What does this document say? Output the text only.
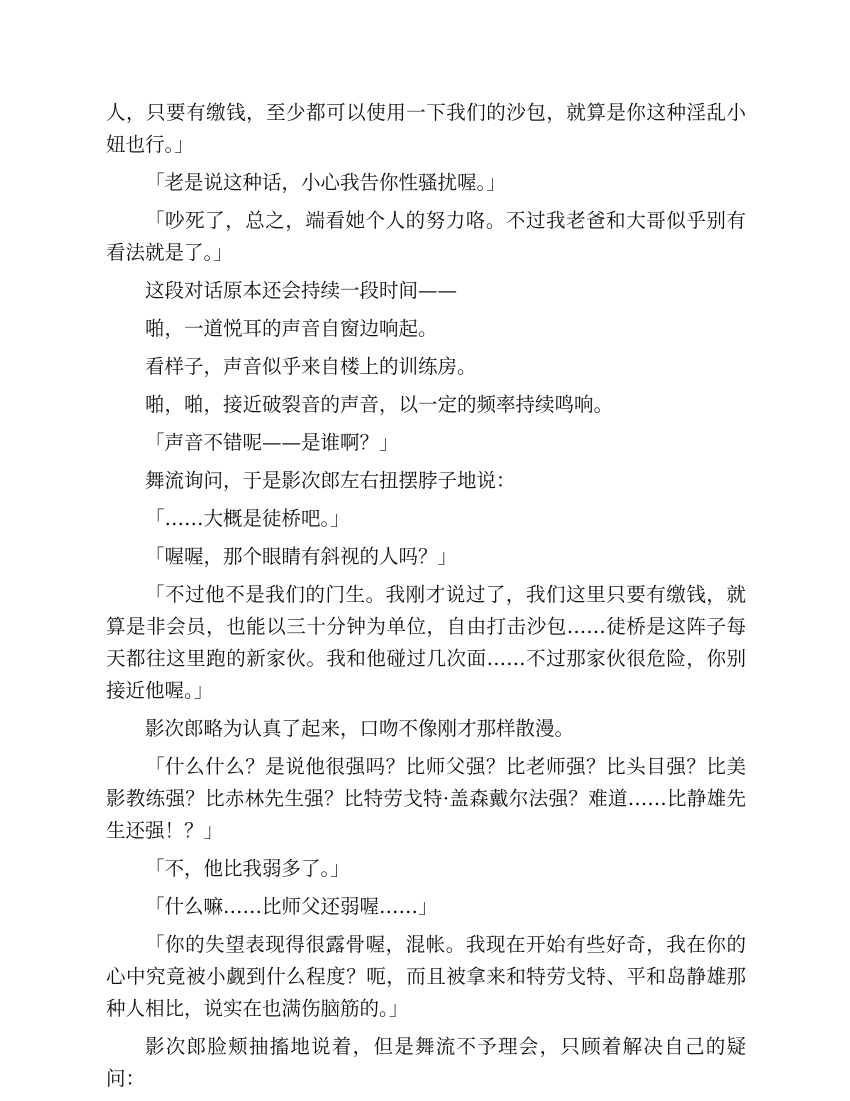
人，只要有缴钱，至少都可以使用一下我们的沙包，就算是你这种淫乱小妞也行。」

「老是说这种话，小心我告你性骚扰喔。」

「吵死了，总之，端看她个人的努力咯。不过我老爸和大哥似乎别有看法就是了。」

这段对话原本还会持续一段时间——

啪，一道悦耳的声音自窗边响起。

看样子，声音似乎来自楼上的训练房。

啪，啪，接近破裂音的声音，以一定的频率持续鸣响。

「声音不错呢——是谁啊？」

舞流询问，于是影次郎左右扭摆脖子地说：

「……大概是徒桥吧。」

「喔喔，那个眼睛有斜视的人吗？」

「不过他不是我们的门生。我刚才说过了，我们这里只要有缴钱，就算是非会员，也能以三十分钟为单位，自由打击沙包……徒桥是这阵子每天都往这里跑的新家伙。我和他碰过几次面……不过那家伙很危险，你别接近他喔。」

影次郎略为认真了起来，口吻不像刚才那样散漫。

「什么什么？是说他很强吗？比师父强？比老师强？比头目强？比美影教练强？比赤林先生强？比特劳戈特·盖森戴尔法强？难道……比静雄先生还强！？」

「不，他比我弱多了。」

「什么嘛……比师父还弱喔……」

「你的失望表现得很露骨喔，混帐。我现在开始有些好奇，我在你的心中究竟被小觑到什么程度？呃，而且被拿来和特劳戈特、平和岛静雄那种人相比，说实在也满伤脑筋的。」

影次郎脸颊抽搐地说着，但是舞流不予理会，只顾着解决自己的疑问：
